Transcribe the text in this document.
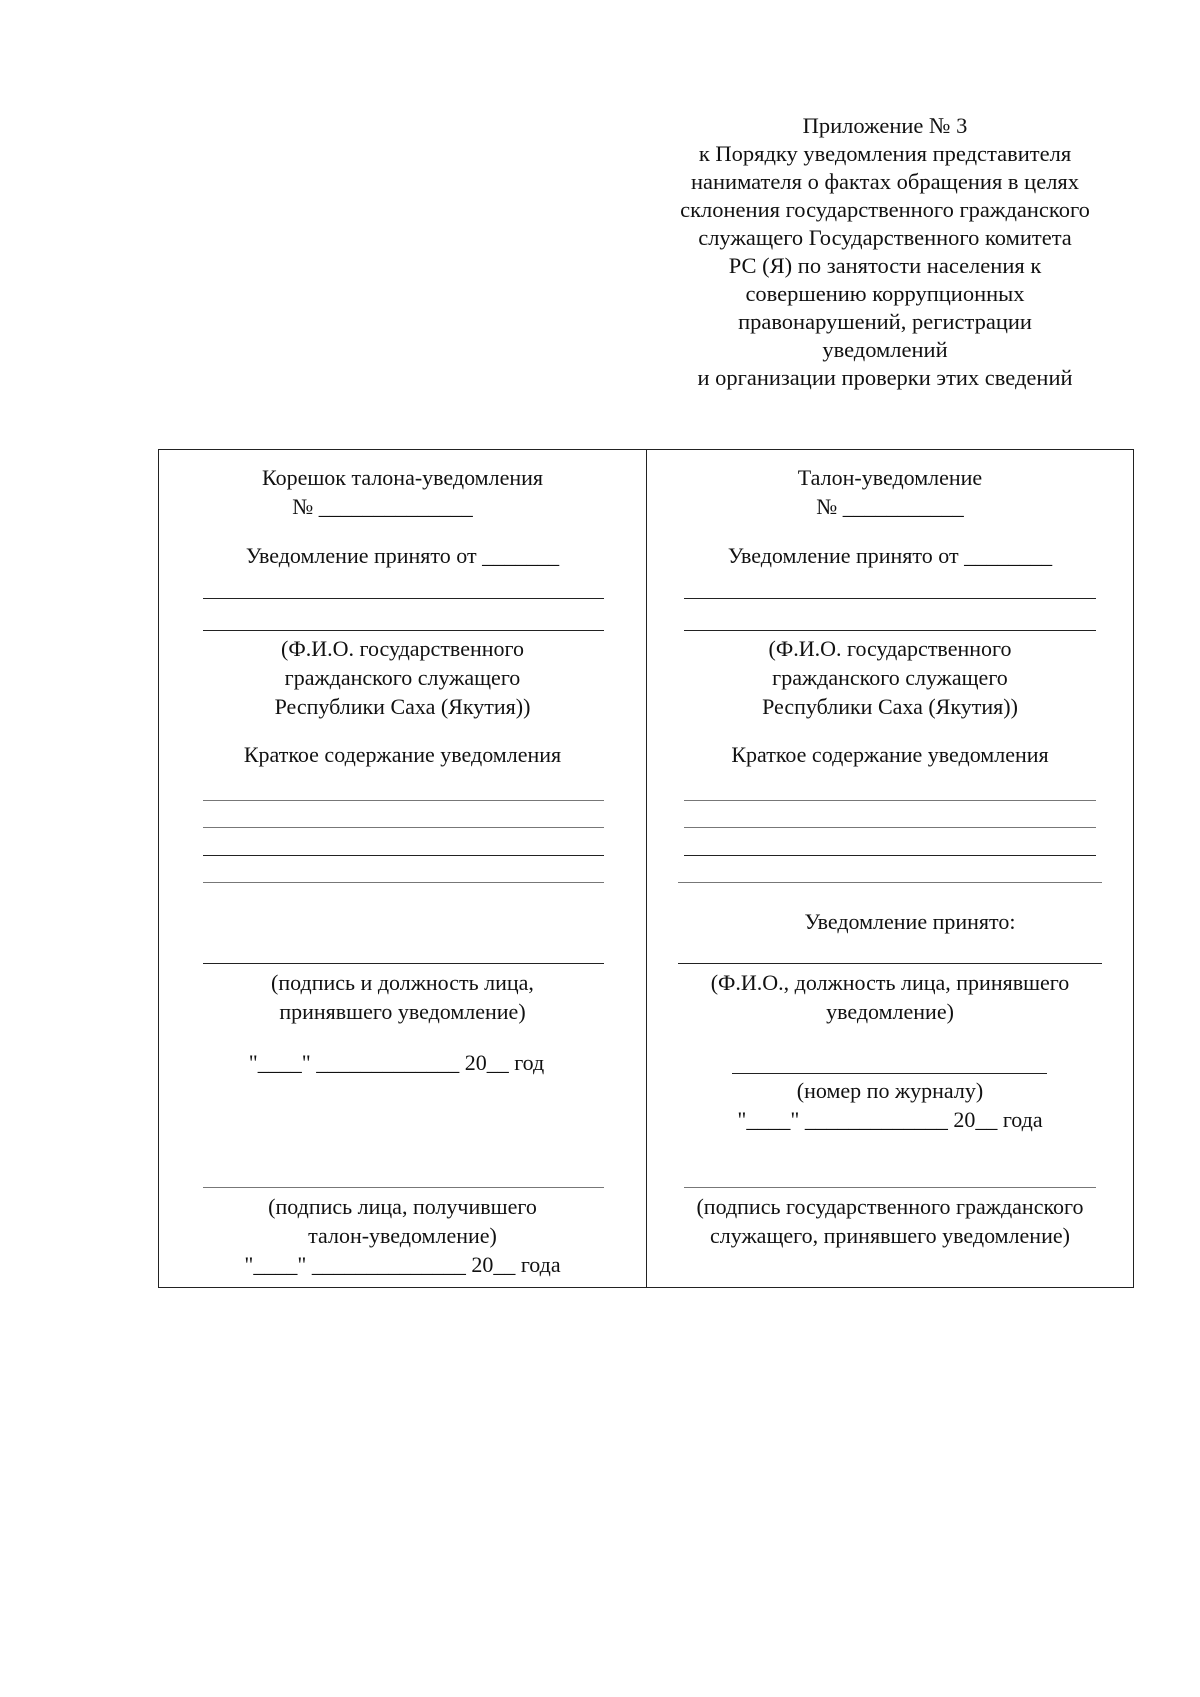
Приложение № 3
к Порядку уведомления представителя
нанимателя о фактах обращения в целях
склонения государственного гражданского
служащего Государственного комитета
РС (Я) по занятости населения к
совершению коррупционных
правонарушений, регистрации
уведомлений
и организации проверки этих сведений
Корешок талона-уведомления
№ ______________
Уведомление принято от _______
(Ф.И.О. государственного
гражданского служащего
Республики Саха (Якутия))
Краткое содержание уведомления
(подпись и должность лица,
принявшего уведомление)
"____" _____________ 20__ год
(подпись лица, получившего
талон-уведомление)
"____" ______________ 20__ года
Талон-уведомление
№ ___________
Уведомление принято от ________
(Ф.И.О. государственного
гражданского служащего
Республики Саха (Якутия))
Краткое содержание уведомления
Уведомление принято:
(Ф.И.О., должность лица, принявшего
уведомление)
(номер по журналу)
"____" _____________ 20__ года
(подпись государственного гражданского
служащего, принявшего уведомление)
